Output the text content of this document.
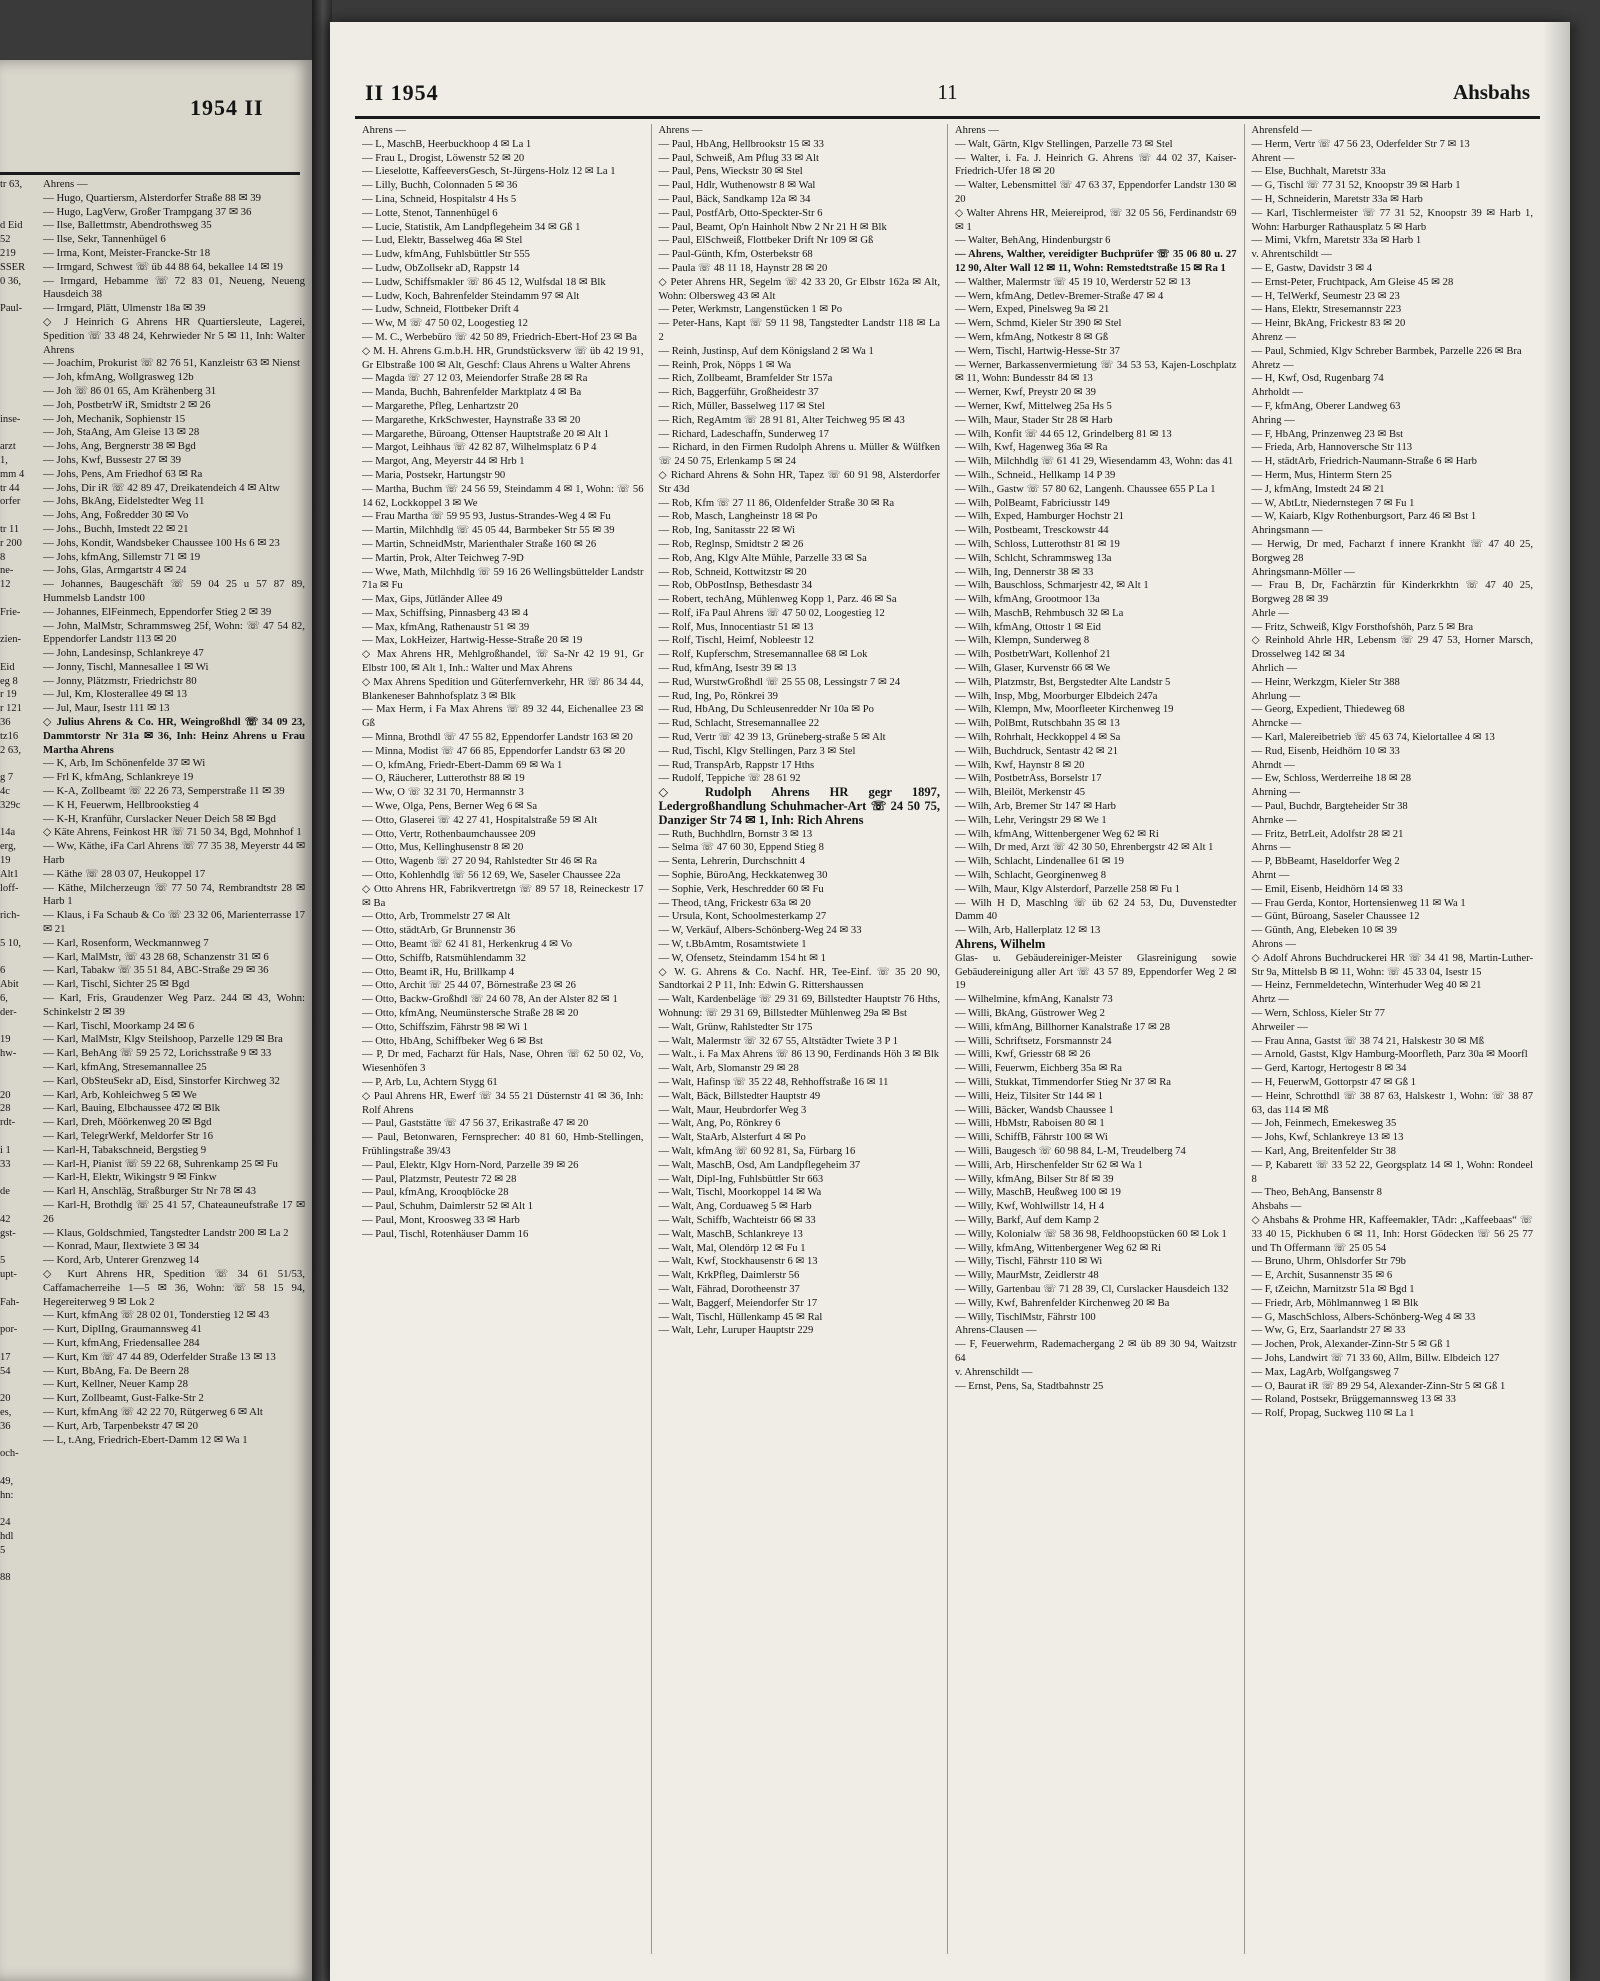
1954 II
tr 63,

d Eid
52
219
SSER
0 36,

Paul-

inse-

arzt
1,
mm 4
tr 44
orfer

tr 11
r 200
8
ne-
12

Frie-

zien-

Eid
eg 8
r 19
r 121
36
tz16
2 63,

g 7
4c
329c

14a
erg,
19
Alt1
loff-

rich-

5 10,

6
Abit
6,
der-

19
hw-

20
28
rdt-

i 1
33

de

42
gst-

5
upt-

Fah-

por-

17
54

20
es,
36

och-

49,
hn:

24
hdl
5

88

Ahrens —

— Hugo, Quartiersm, Alsterdorfer Straße 88 ✉ 39

— Hugo, LagVerw, Großer Trampgang 37 ✉ 36

— Ilse, Ballettmstr, Abendrothsweg 35

— Ilse, Sekr, Tannenhügel 6

— Irma, Kont, Meister-Francke-Str 18

— Irmgard, Schwest ☏ üb 44 88 64, bekallee 14 ✉ 19

— Irmgard, Hebamme ☏ 72 83 01, Neueng, Neueng Hausdeich 38

— Irmgard, Plätt, Ulmenstr 18a ✉ 39

◇ J Heinrich G Ahrens HR Quartiersleute, Lagerei, Spedition ☏ 33 48 24, Kehrwieder Nr 5 ✉ 11, Inh: Walter Ahrens

— Joachim, Prokurist ☏ 82 76 51, Kanzleistr 63 ✉ Nienst

— Joh, kfmAng, Wollgrasweg 12b

— Joh ☏ 86 01 65, Am Krähenberg 31

— Joh, PostbetrW iR, Smidtstr 2 ✉ 26

— Joh, Mechanik, Sophienstr 15

— Joh, StaAng, Am Gleise 13 ✉ 28

— Johs, Ang, Bergnerstr 38 ✉ Bgd

— Johs, Kwf, Bussestr 27 ✉ 39

— Johs, Pens, Am Friedhof 63 ✉ Ra

— Johs, Dir iR ☏ 42 89 47, Dreikatendeich 4 ✉ Altw

— Johs, BkAng, Eidelstedter Weg 11

— Johs, Ang, Foßredder 30 ✉ Vo

— Johs., Buchh, Imstedt 22 ✉ 21

— Johs, Kondit, Wandsbeker Chaussee 100 Hs 6 ✉ 23

— Johs, kfmAng, Sillemstr 71 ✉ 19

— Johs, Glas, Armgartstr 4 ✉ 24

— Johannes, Baugeschäft ☏ 59 04 25 u 57 87 89, Hummelsb Landstr 100

— Johannes, ElFeinmech, Eppendorfer Stieg 2 ✉ 39

— John, MalMstr, Schrammsweg 25f, Wohn: ☏ 47 54 82, Eppendorfer Landstr 113 ✉ 20

— John, Landesinsp, Schlankreye 47

— Jonny, Tischl, Mannesallee 1 ✉ Wi

— Jonny, Plätzmstr, Friedrichstr 80

— Jul, Km, Klosterallee 49 ✉ 13

— Jul, Maur, Isestr 111 ✉ 13

◇ Julius Ahrens & Co. HR, Weingroßhdl ☏ 34 09 23, Dammtorstr Nr 31a ✉ 36, Inh: Heinz Ahrens u Frau Martha Ahrens

— K, Arb, Im Schönenfelde 37 ✉ Wi

— Frl K, kfmAng, Schlankreye 19

— K-A, Zollbeamt ☏ 22 26 73, Semperstraße 11 ✉ 39

— K H, Feuerwm, Hellbrookstieg 4

— K-H, Kranführ, Curslacker Neuer Deich 58 ✉ Bgd

◇ Käte Ahrens, Feinkost HR ☏ 71 50 34, Bgd, Mohnhof 1

— Ww, Käthe, iFa Carl Ahrens ☏ 77 35 38, Meyerstr 44 ✉ Harb

— Käthe ☏ 28 03 07, Heukoppel 17

— Käthe, Milcherzeugn ☏ 77 50 74, Rembrandtstr 28 ✉ Harb 1

— Klaus, i Fa Schaub & Co ☏ 23 32 06, Marienterrasse 17 ✉ 21

— Karl, Rosenform, Weckmannweg 7

— Karl, MalMstr, ☏ 43 28 68, Schanzenstr 31 ✉ 6

— Karl, Tabakw ☏ 35 51 84, ABC-Straße 29 ✉ 36

— Karl, Tischl, Sichter 25 ✉ Bgd

— Karl, Fris, Graudenzer Weg Parz. 244 ✉ 43, Wohn: Schinkelstr 2 ✉ 39

— Karl, Tischl, Moorkamp 24 ✉ 6

— Karl, MalMstr, Klgv Steilshoop, Parzelle 129 ✉ Bra

— Karl, BehAng ☏ 59 25 72, Lorichsstraße 9 ✉ 33

— Karl, kfmAng, Stresemannallee 25

— Karl, ObSteuSekr aD, Eisd, Sinstorfer Kirchweg 32

— Karl, Arb, Kohleichweg 5 ✉ We

— Karl, Bauing, Elbchaussee 472 ✉ Blk

— Karl, Dreh, Möörkenweg 20 ✉ Bgd

— Karl, TelegrWerkf, Meldorfer Str 16

— Karl-H, Tabakschneid, Bergstieg 9

— Karl-H, Pianist ☏ 59 22 68, Suhrenkamp 25 ✉ Fu

— Karl-H, Elektr, Wikingstr 9 ✉ Finkw

— Karl H, Anschläg, Straßburger Str Nr 78 ✉ 43

— Karl-H, Brothdlg ☏ 25 41 57, Chateauneufstraße 17 ✉ 26

— Klaus, Goldschmied, Tangstedter Landstr 200 ✉ La 2

— Konrad, Maur, Ilextwiete 3 ✉ 34

— Kord, Arb, Unterer Grenzweg 14

◇ Kurt Ahrens HR, Spedition ☏ 34 61 51/53, Caffamacherreihe 1—5 ✉ 36, Wohn: ☏ 58 15 94, Hegereiterweg 9 ✉ Lok 2

— Kurt, kfmAng ☏ 28 02 01, Tonderstieg 12 ✉ 43

— Kurt, DiplIng, Graumannsweg 41

— Kurt, kfmAng, Friedensallee 284

— Kurt, Km ☏ 47 44 89, Oderfelder Straße 13 ✉ 13

— Kurt, BbAng, Fa. De Beern 28

— Kurt, Kellner, Neuer Kamp 28

— Kurt, Zollbeamt, Gust-Falke-Str 2

— Kurt, kfmAng ☏ 42 22 70, Rütgerweg 6 ✉ Alt

— Kurt, Arb, Tarpenbekstr 47 ✉ 20

— L, t.Ang, Friedrich-Ebert-Damm 12 ✉ Wa 1

II 1954	11	Ahsbahs

Ahrens —

— L, MaschB, Heerbuckhoop 4 ✉ La 1

— Frau L, Drogist, Löwenstr 52 ✉ 20

— Lieselotte, KaffeeversGesch, St-Jürgens-Holz 12 ✉ La 1

— Lilly, Buchh, Colonnaden 5 ✉ 36

— Lina, Schneid, Hospitalstr 4 Hs 5

— Lotte, Stenot, Tannenhügel 6

— Lucie, Statistik, Am Landpflegeheim 34 ✉ Gß 1

— Lud, Elektr, Basselweg 46a ✉ Stel

— Ludw, kfmAng, Fuhlsbüttler Str 555

— Ludw, ObZollsekr aD, Rappstr 14

— Ludw, Schiffsmakler ☏ 86 45 12, Wulfsdal 18 ✉ Blk

— Ludw, Koch, Bahrenfelder Steindamm 97 ✉ Alt

— Ludw, Schneid, Flottbeker Drift 4

— Ww, M ☏ 47 50 02, Loogestieg 12

— M. C., Werbebüro ☏ 42 50 89, Friedrich-Ebert-Hof 23 ✉ Ba

◇ M. H. Ahrens G.m.b.H. HR, Grundstücksverw ☏ üb 42 19 91, Gr Elbstraße 100 ✉ Alt, Geschf: Claus Ahrens u Walter Ahrens

— Magda ☏ 27 12 03, Meiendorfer Straße 28 ✉ Ra

— Manda, Buchh, Bahrenfelder Marktplatz 4 ✉ Ba

— Margarethe, Pfleg, Lenhartzstr 20

— Margarethe, KrkSchwester, Haynstraße 33 ✉ 20

— Margarethe, Büroang, Ottenser Hauptstraße 20 ✉ Alt 1

— Margot, Leihhaus ☏ 42 82 87, Wilhelmsplatz 6 P 4

— Margot, Ang, Meyerstr 44 ✉ Hrb 1

— Maria, Postsekr, Hartungstr 90

— Martha, Buchm ☏ 24 56 59, Steindamm 4 ✉ 1, Wohn: ☏ 56 14 62, Lockkoppel 3 ✉ We

— Frau Martha ☏ 59 95 93, Justus-Strandes-Weg 4 ✉ Fu

— Martin, Milchhdlg ☏ 45 05 44, Barmbeker Str 55 ✉ 39

— Martin, SchneidMstr, Marienthaler Straße 160 ✉ 26

— Martin, Prok, Alter Teichweg 7-9D

— Wwe, Math, Milchhdlg ☏ 59 16 26 Wellingsbüttelder Landstr 71a ✉ Fu

— Max, Gips, Jütländer Allee 49

— Max, Schiffsing, Pinnasberg 43 ✉ 4

— Max, kfmAng, Rathenaustr 51 ✉ 39

— Max, LokHeizer, Hartwig-Hesse-Straße 20 ✉ 19

◇ Max Ahrens HR, Mehlgroßhandel, ☏ Sa-Nr 42 19 91, Gr Elbstr 100, ✉ Alt 1, Inh.: Walter und Max Ahrens

◇ Max Ahrens Spedition und Güterfernverkehr, HR ☏ 86 34 44, Blankeneser Bahnhofsplatz 3 ✉ Blk

— Max Herm, i Fa Max Ahrens ☏ 89 32 44, Eichenallee 23 ✉ Gß

— Minna, Brothdl ☏ 47 55 82, Eppendorfer Landstr 163 ✉ 20

— Minna, Modist ☏ 47 66 85, Eppendorfer Landstr 63 ✉ 20

— O, kfmAng, Friedr-Ebert-Damm 69 ✉ Wa 1

— O, Räucherer, Lutterothstr 88 ✉ 19

— Ww, O ☏ 32 31 70, Hermannstr 3

— Wwe, Olga, Pens, Berner Weg 6 ✉ Sa

— Otto, Glaserei ☏ 42 27 41, Hospitalstraße 59 ✉ Alt

— Otto, Vertr, Rothenbaumchaussee 209

— Otto, Mus, Kellinghusenstr 8 ✉ 20

— Otto, Wagenb ☏ 27 20 94, Rahlstedter Str 46 ✉ Ra

— Otto, Kohlenhdlg ☏ 56 12 69, We, Saseler Chaussee 22a

◇ Otto Ahrens HR, Fabrikvertretgn ☏ 89 57 18, Reineckestr 17 ✉ Ba

— Otto, Arb, Trommelstr 27 ✉ Alt

— Otto, städtArb, Gr Brunnenstr 36

— Otto, Beamt ☏ 62 41 81, Herkenkrug 4 ✉ Vo

— Otto, Schiffb, Ratsmühlendamm 32

— Otto, Beamt iR, Hu, Brillkamp 4

— Otto, Archit ☏ 25 44 07, Börnestraße 23 ✉ 26

— Otto, Backw-Großhdl ☏ 24 60 78, An der Alster 82 ✉ 1

— Otto, kfmAng, Neumünstersche Straße 28 ✉ 20

— Otto, Schiffszim, Fährstr 98 ✉ Wi 1

— Otto, HbAng, Schiffbeker Weg 6 ✉ Bst

— P, Dr med, Facharzt für Hals, Nase, Ohren ☏ 62 50 02, Vo, Wiesenhöfen 3

— P, Arb, Lu, Achtern Stygg 61

◇ Paul Ahrens HR, Ewerf ☏ 34 55 21 Düsternstr 41 ✉ 36, Inh: Rolf Ahrens

— Paul, Gaststätte ☏ 47 56 37, Erikastraße 47 ✉ 20

— Paul, Betonwaren, Fernsprecher: 40 81 60, Hmb-Stellingen, Frühlingstraße 39/43

— Paul, Elektr, Klgv Horn-Nord, Parzelle 39 ✉ 26

— Paul, Platzmstr, Peutestr 72 ✉ 28

— Paul, kfmAng, Krooqblöcke 28

— Paul, Schuhm, Daimlerstr 52 ✉ Alt 1

— Paul, Mont, Kroosweg 33 ✉ Harb

— Paul, Tischl, Rotenhäuser Damm 16

Ahrens —

— Paul, HbAng, Hellbrookstr 15 ✉ 33

— Paul, Schweiß, Am Pflug 33 ✉ Alt

— Paul, Pens, Wieckstr 30 ✉ Stel

— Paul, Hdlr, Wuthenowstr 8 ✉ Wal

— Paul, Bäck, Sandkamp 12a ✉ 34

— Paul, PostfArb, Otto-Speckter-Str 6

— Paul, Beamt, Op'n Hainholt Nbw 2 Nr 21 H ✉ Blk

— Paul, ElSchweiß, Flottbeker Drift Nr 109 ✉ Gß

— Paul-Günth, Kfm, Osterbekstr 68

— Paula ☏ 48 11 18, Haynstr 28 ✉ 20

◇ Peter Ahrens HR, Segelm ☏ 42 33 20, Gr Elbstr 162a ✉ Alt, Wohn: Olbersweg 43 ✉ Alt

— Peter, Werkmstr, Langenstücken 1 ✉ Po

— Peter-Hans, Kapt ☏ 59 11 98, Tangstedter Landstr 118 ✉ La 2

— Reinh, Justinsp, Auf dem Königsland 2 ✉ Wa 1

— Reinh, Prok, Nöpps 1 ✉ Wa

— Rich, Zollbeamt, Bramfelder Str 157a

— Rich, Baggerführ, Großheidestr 37

— Rich, Müller, Basselweg 117 ✉ Stel

— Rich, RegAmtm ☏ 28 91 81, Alter Teichweg 95 ✉ 43

— Richard, Ladeschaffn, Sunderweg 17

— Richard, in den Firmen Rudolph Ahrens u. Müller & Wülfken ☏ 24 50 75, Erlenkamp 5 ✉ 24

◇ Richard Ahrens & Sohn HR, Tapez ☏ 60 91 98, Alsterdorfer Str 43d

— Rob, Kfm ☏ 27 11 86, Oldenfelder Straße 30 ✉ Ra

— Rob, Masch, Langheinstr 18 ✉ Po

— Rob, Ing, Sanitasstr 22 ✉ Wi

— Rob, Reglnsp, Smidtstr 2 ✉ 26

— Rob, Ang, Klgv Alte Mühle, Parzelle 33 ✉ Sa

— Rob, Schneid, Kottwitzstr ✉ 20

— Rob, ObPostInsp, Bethesdastr 34

— Robert, techAng, Mühlenweg Kopp 1, Parz. 46 ✉ Sa

— Rolf, iFa Paul Ahrens ☏ 47 50 02, Loogestieg 12

— Rolf, Mus, Innocentiastr 51 ✉ 13

— Rolf, Tischl, Heimf, Nobleestr 12

— Rolf, Kupferschm, Stresemannallee 68 ✉ Lok

— Rud, kfmAng, Isestr 39 ✉ 13

— Rud, WurstwGroßhdl ☏ 25 55 08, Lessingstr 7 ✉ 24

— Rud, Ing, Po, Rönkrei 39

— Rud, HbAng, Du Schleusenredder Nr 10a ✉ Po

— Rud, Schlacht, Stresemannallee 22

— Rud, Vertr ☏ 42 39 13, Grüneberg-straße 5 ✉ Alt

— Rud, Tischl, Klgv Stellingen, Parz 3 ✉ Stel

— Rud, TranspArb, Rappstr 17 Hths

— Rudolf, Teppiche ☏ 28 61 92

◇ Rudolph Ahrens HR gegr 1897, Ledergroßhandlung Schuhmacher-Art ☏ 24 50 75, Danziger Str 74 ✉ 1, Inh: Rich Ahrens

— Ruth, Buchhdlrn, Bornstr 3 ✉ 13

— Selma ☏ 47 60 30, Eppend Stieg 8

— Senta, Lehrerin, Durchschnitt 4

— Sophie, BüroAng, Heckkatenweg 30

— Sophie, Verk, Heschredder 60 ✉ Fu

— Theod, tAng, Frickestr 63a ✉ 20

— Ursula, Kont, Schoolmesterkamp 27

— W, Verkäuf, Albers-Schönberg-Weg 24 ✉ 33

— W, t.BbAmtm, Rosamtstwiete 1

— W, Ofensetz, Steindamm 154 ht ✉ 1

◇ W. G. Ahrens & Co. Nachf. HR, Tee-Einf. ☏ 35 20 90, Sandtorkai 2 P 11, Inh: Edwin G. Rittershaussen

— Walt, Kardenbeläge ☏ 29 31 69, Billstedter Hauptstr 76 Hths, Wohnung: ☏ 29 31 69, Billstedter Mühlenweg 29a ✉ Bst

— Walt, Grünw, Rahlstedter Str 175

— Walt, Malermstr ☏ 32 67 55, Altstädter Twiete 3 P 1

— Walt., i. Fa Max Ahrens ☏ 86 13 90, Ferdinands Höh 3 ✉ Blk

— Walt, Arb, Slomanstr 29 ✉ 28

— Walt, Hafinsp ☏ 35 22 48, Rehhoffstraße 16 ✉ 11

— Walt, Bäck, Billstedter Hauptstr 49

— Walt, Maur, Heubrdorfer Weg 3

— Walt, Ang, Po, Rönkrey 6

— Walt, StaArb, Alsterfurt 4 ✉ Po

— Walt, kfmAng ☏ 60 92 81, Sa, Fürbarg 16

— Walt, MaschB, Osd, Am Landpflegeheim 37

— Walt, Dipl-Ing, Fuhlsbüttler Str 663

— Walt, Tischl, Moorkoppel 14 ✉ Wa

— Walt, Ang, Corduaweg 5 ✉ Harb

— Walt, Schiffb, Wachteistr 66 ✉ 33

— Walt, MaschB, Schlankreye 13

— Walt, Mal, Olendörp 12 ✉ Fu 1

— Walt, Kwf, Stockhausenstr 6 ✉ 13

— Walt, KrkPfleg, Daimlerstr 56

— Walt, Fährad, Dorotheenstr 37

— Walt, Baggerf, Meiendorfer Str 17

— Walt, Tischl, Hüllenkamp 45 ✉ Ral

— Walt, Lehr, Luruper Hauptstr 229

Ahrens —

— Walt, Gärtn, Klgv Stellingen, Parzelle 73 ✉ Stel

— Walter, i. Fa. J. Heinrich G. Ahrens ☏ 44 02 37, Kaiser-Friedrich-Ufer 18 ✉ 20

— Walter, Lebensmittel ☏ 47 63 37, Eppendorfer Landstr 130 ✉ 20

◇ Walter Ahrens HR, Meiereiprod, ☏ 32 05 56, Ferdinandstr 69 ✉ 1

— Walter, BehAng, Hindenburgstr 6

— Ahrens, Walther, vereidigter Buchprüfer ☏ 35 06 80 u. 27 12 90, Alter Wall 12 ✉ 11, Wohn: Remstedtstraße 15 ✉ Ra 1

— Walther, Malermstr ☏ 45 19 10, Werderstr 52 ✉ 13

— Wern, kfmAng, Detlev-Bremer-Straße 47 ✉ 4

— Wern, Exped, Pinelsweg 9a ✉ 21

— Wern, Schmd, Kieler Str 390 ✉ Stel

— Wern, kfmAng, Notkestr 8 ✉ Gß

— Wern, Tischl, Hartwig-Hesse-Str 37

— Werner, Barkassenvermietung ☏ 34 53 53, Kajen-Loschplatz ✉ 11, Wohn: Bundesstr 84 ✉ 13

— Werner, Kwf, Preystr 20 ✉ 39

— Werner, Kwf, Mittelweg 25a Hs 5

— Wilh, Maur, Stader Str 28 ✉ Harb

— Wilh, Konfit ☏ 44 65 12, Grindelberg 81 ✉ 13

— Wilh, Kwf, Hagenweg 36a ✉ Ra

— Wilh, Milchhdlg ☏ 61 41 29, Wiesendamm 43, Wohn: das 41

— Wilh., Schneid., Hellkamp 14 P 39

— Wilh., Gastw ☏ 57 80 62, Langenh. Chaussee 655 P La 1

— Wilh, PolBeamt, Fabriciusstr 149

— Wilh, Exped, Hamburger Hochstr 21

— Wilh, Postbeamt, Tresckowstr 44

— Wilh, Schloss, Lutterothstr 81 ✉ 19

— Wilh, Schlcht, Schrammsweg 13a

— Wilh, Ing, Dennerstr 38 ✉ 33

— Wilh, Bauschloss, Schmarjestr 42, ✉ Alt 1

— Wilh, kfmAng, Grootmoor 13a

— Wilh, MaschB, Rehmbusch 32 ✉ La

— Wilh, kfmAng, Ottostr 1 ✉ Eid

— Wilh, Klempn, Sunderweg 8

— Wilh, PostbetrWart, Kollenhof 21

— Wilh, Glaser, Kurvenstr 66 ✉ We

— Wilh, Platzmstr, Bst, Bergstedter Alte Landstr 5

— Wilh, Insp, Mbg, Moorburger Elbdeich 247a

— Wilh, Klempn, Mw, Moorfleeter Kirchenweg 19

— Wilh, PolBmt, Rutschbahn 35 ✉ 13

— Wilh, Rohrhalt, Heckkoppel 4 ✉ Sa

— Wilh, Buchdruck, Sentastr 42 ✉ 21

— Wilh, Kwf, Haynstr 8 ✉ 20

— Wilh, PostbetrAss, Borselstr 17

— Wilh, Bleilöt, Merkenstr 45

— Wilh, Arb, Bremer Str 147 ✉ Harb

— Wilh, Lehr, Veringstr 29 ✉ We 1

— Wilh, kfmAng, Wittenbergener Weg 62 ✉ Ri

— Wilh, Dr med, Arzt ☏ 42 30 50, Ehrenbergstr 42 ✉ Alt 1

— Wilh, Schlacht, Lindenallee 61 ✉ 19

— Wilh, Schlacht, Georginenweg 8

— Wilh, Maur, Klgv Alsterdorf, Parzelle 258 ✉ Fu 1

— Wilh H D, Maschlng ☏ üb 62 24 53, Du, Duvenstedter Damm 40

— Wilh, Arb, Hallerplatz 12 ✉ 13

Ahrens, Wilhelm

Glas- u. Gebäudereiniger-Meister Glasreinigung sowie Gebäudereinigung aller Art ☏ 43 57 89, Eppendorfer Weg 2 ✉ 19

— Wilhelmine, kfmAng, Kanalstr 73

— Willi, BkAng, Güstrower Weg 2

— Willi, kfmAng, Billhorner Kanalstraße 17 ✉ 28

— Willi, Schriftsetz, Forsmannstr 24

— Willi, Kwf, Griesstr 68 ✉ 26

— Willi, Feuerwm, Eichberg 35a ✉ Ra

— Willi, Stukkat, Timmendorfer Stieg Nr 37 ✉ Ra

— Willi, Heiz, Tilsiter Str 144 ✉ 1

— Willi, Bäcker, Wandsb Chaussee 1

— Willi, HbMstr, Raboisen 80 ✉ 1

— Willi, SchiffB, Fährstr 100 ✉ Wi

— Willi, Baugesch ☏ 60 98 84, L-M, Treudelberg 74

— Willi, Arb, Hirschenfelder Str 62 ✉ Wa 1

— Willy, kfmAng, Bilser Str 8f ✉ 39

— Willy, MaschB, Heußweg 100 ✉ 19

— Willy, Kwf, Wohlwillstr 14, H 4

— Willy, Barkf, Auf dem Kamp 2

— Willy, Kolonialw ☏ 58 36 98, Feldhoopstücken 60 ✉ Lok 1

— Willy, kfmAng, Wittenbergener Weg 62 ✉ Ri

— Willy, Tischl, Fährstr 110 ✉ Wi

— Willy, MaurMstr, Zeidlerstr 48

— Willy, Gartenbau ☏ 71 28 39, Cl, Curslacker Hausdeich 132

— Willy, Kwf, Bahrenfelder Kirchenweg 20 ✉ Ba

— Willy, TischlMstr, Fährstr 100

Ahrens-Clausen —

— F, Feuerwehrm, Rademachergang 2 ✉ üb 89 30 94, Waitzstr 64

v. Ahrenschildt —

— Ernst, Pens, Sa, Stadtbahnstr 25

Ahrensfeld —

— Herm, Vertr ☏ 47 56 23, Oderfelder Str 7 ✉ 13

Ahrent —

— Else, Buchhalt, Maretstr 33a

— G, Tischl ☏ 77 31 52, Knoopstr 39 ✉ Harb 1

— H, Schneiderin, Maretstr 33a ✉ Harb

— Karl, Tischlermeister ☏ 77 31 52, Knoopstr 39 ✉ Harb 1, Wohn: Harburger Rathausplatz 5 ✉ Harb

— Mimi, Vkfrn, Maretstr 33a ✉ Harb 1

v. Ahrentschildt —

— E, Gastw, Davidstr 3 ✉ 4

— Ernst-Peter, Fruchtpack, Am Gleise 45 ✉ 28

— H, TelWerkf, Seumestr 23 ✉ 23

— Hans, Elektr, Stresemannstr 223

— Heinr, BkAng, Frickestr 83 ✉ 20

Ahrenz —

— Paul, Schmied, Klgv Schreber Barmbek, Parzelle 226 ✉ Bra

Ahretz —

— H, Kwf, Osd, Rugenbarg 74

Ahrholdt —

— F, kfmAng, Oberer Landweg 63

Ahring —

— F, HbAng, Prinzenweg 23 ✉ Bst

— Frieda, Arb, Hannoversche Str 113

— H, städtArb, Friedrich-Naumann-Straße 6 ✉ Harb

— Herm, Mus, Hinterm Stern 25

— J, kfmAng, Imstedt 24 ✉ 21

— W, AbtLtr, Niedernstegen 7 ✉ Fu 1

— W, Kaiarb, Klgv Rothenburgsort, Parz 46 ✉ Bst 1

Ahringsmann —

— Herwig, Dr med, Facharzt f innere Krankht ☏ 47 40 25, Borgweg 28

Ahringsmann-Möller —

— Frau B, Dr, Fachärztin für Kinderkrkhtn ☏ 47 40 25, Borgweg 28 ✉ 39

Ahrle —

— Fritz, Schweiß, Klgv Forsthofshöh, Parz 5 ✉ Bra

◇ Reinhold Ahrle HR, Lebensm ☏ 29 47 53, Horner Marsch, Drosselweg 142 ✉ 34

Ahrlich —

— Heinr, Werkzgm, Kieler Str 388

Ahrlung —

— Georg, Expedient, Thiedeweg 68

Ahrncke —

— Karl, Malereibetrieb ☏ 45 63 74, Kielortallee 4 ✉ 13

— Rud, Eisenb, Heidhörn 10 ✉ 33

Ahrndt —

— Ew, Schloss, Werderreihe 18 ✉ 28

Ahrning —

— Paul, Buchdr, Bargteheider Str 38

Ahrnke —

— Fritz, BetrLeit, Adolfstr 28 ✉ 21

Ahrns —

— P, BbBeamt, Haseldorfer Weg 2

Ahrnt —

— Emil, Eisenb, Heidhörn 14 ✉ 33

— Frau Gerda, Kontor, Hortensienweg 11 ✉ Wa 1

— Günt, Büroang, Saseler Chaussee 12

— Günth, Ang, Elebeken 10 ✉ 39

Ahrons —

◇ Adolf Ahrons Buchdruckerei HR ☏ 34 41 98, Martin-Luther-Str 9a, Mittelsb B ✉ 11, Wohn: ☏ 45 33 04, Isestr 15

— Heinz, Fernmeldetechn, Winterhuder Weg 40 ✉ 21

Ahrtz —

— Wern, Schloss, Kieler Str 77

Ahrweiler —

— Frau Anna, Gastst ☏ 38 74 21, Halskestr 30 ✉ Mß

— Arnold, Gastst, Klgv Hamburg-Moorfleth, Parz 30a ✉ Moorfl

— Gerd, Kartogr, Hertogestr 8 ✉ 34

— H, FeuerwM, Gottorpstr 47 ✉ Gß 1

— Heinr, Schrotthdl ☏ 38 87 63, Halskestr 1, Wohn: ☏ 38 87 63, das 114 ✉ Mß

— Joh, Feinmech, Emekesweg 35

— Johs, Kwf, Schlankreye 13 ✉ 13

— Karl, Ang, Breitenfelder Str 38

— P, Kabarett ☏ 33 52 22, Georgsplatz 14 ✉ 1, Wohn: Rondeel 8

— Theo, BehAng, Bansenstr 8

Ahsbahs —

◇ Ahsbahs & Prohme HR, Kaffeemakler, TAdr: „Kaffeebaas“ ☏ 33 40 15, Pickhuben 6 ✉ 11, Inh: Horst Gödecken ☏ 56 25 77 und Th Offermann ☏ 25 05 54

— Bruno, Uhrm, Ohlsdorfer Str 79b

— E, Archit, Susannenstr 35 ✉ 6

— F, tZeichn, Marnitzstr 51a ✉ Bgd 1

— Friedr, Arb, Möhlmannweg 1 ✉ Blk

— G, MaschSchloss, Albers-Schönberg-Weg 4 ✉ 33

— Ww, G, Erz, Saarlandstr 27 ✉ 33

— Jochen, Prok, Alexander-Zinn-Str 5 ✉ Gß 1

— Johs, Landwirt ☏ 71 33 60, Allm, Billw. Elbdeich 127

— Max, LagArb, Wolfgangsweg 7

— O, Baurat iR ☏ 89 29 54, Alexander-Zinn-Str 5 ✉ Gß 1

— Roland, Postsekr, Brüggemannsweg 13 ✉ 33

— Rolf, Propag, Suckweg 110 ✉ La 1
